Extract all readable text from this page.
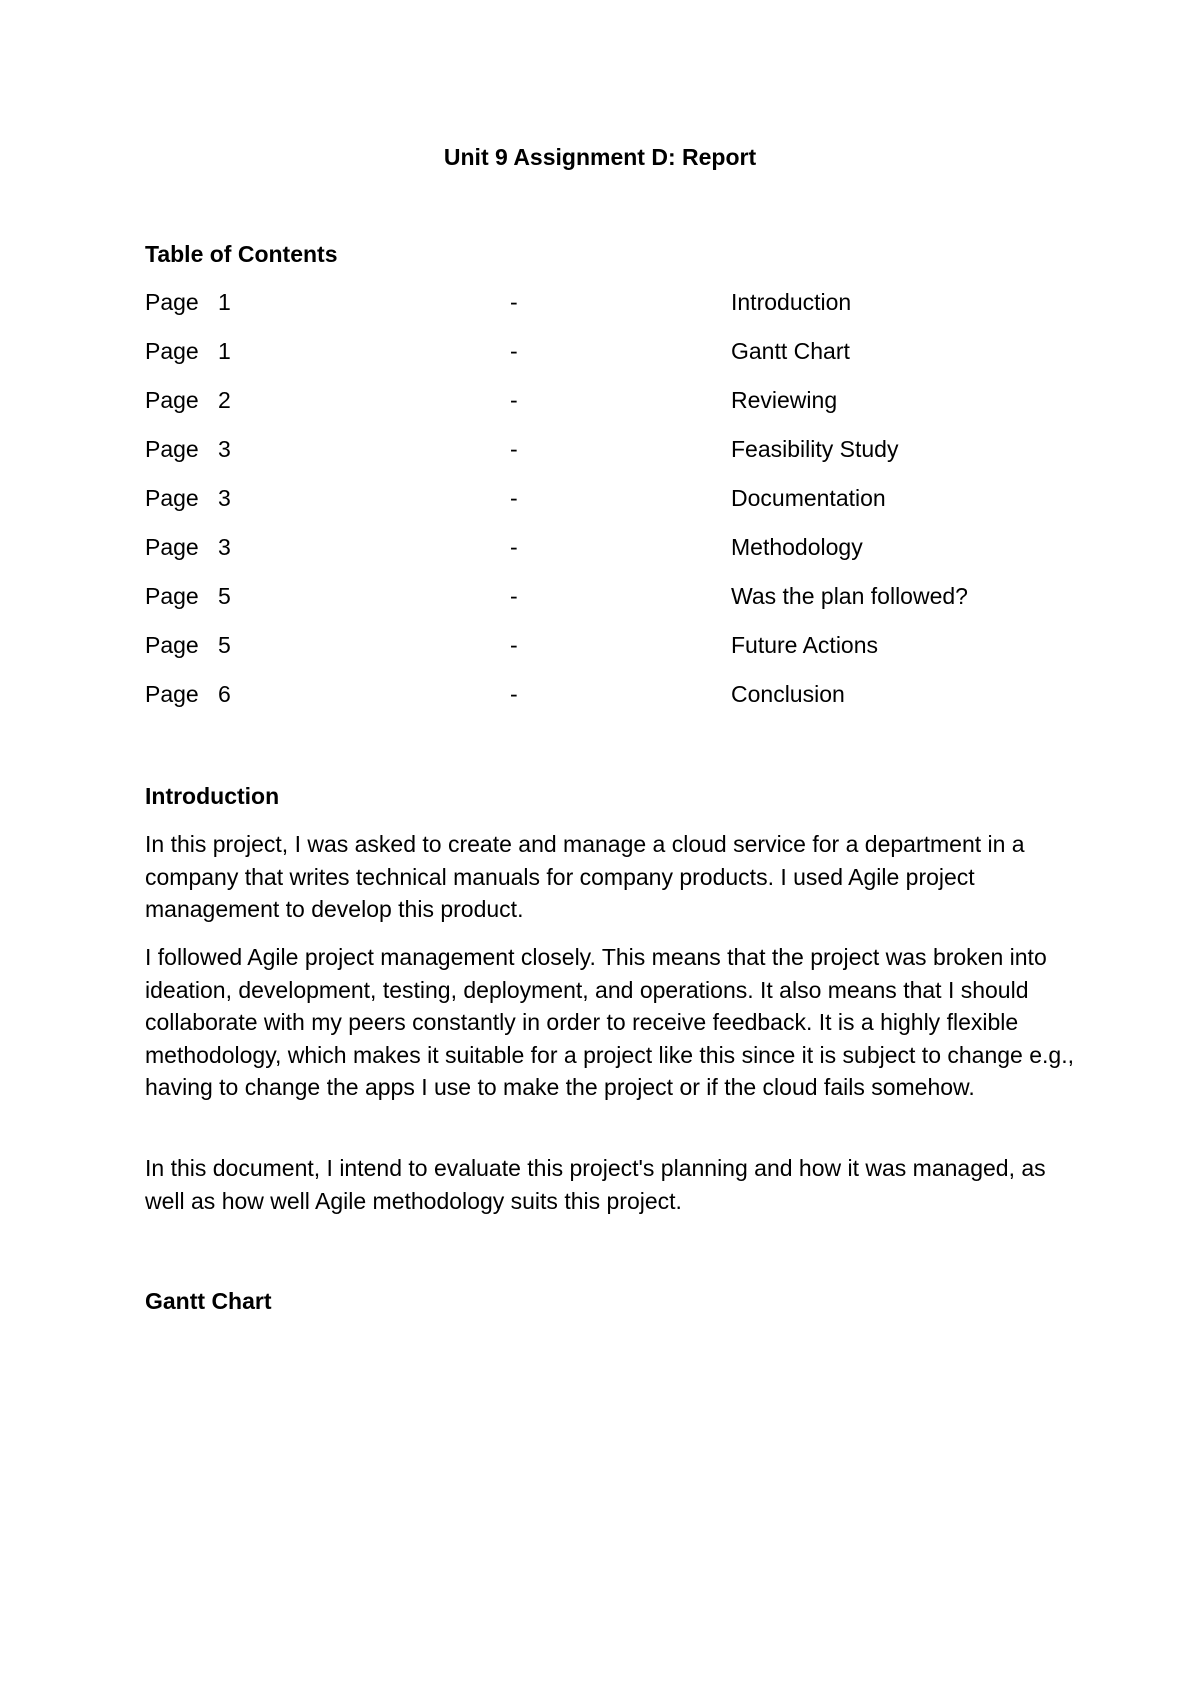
Unit 9 Assignment D: Report
Table of Contents
Page 1	-	Introduction
Page 1	-	Gantt Chart
Page 2	-	Reviewing
Page 3	-	Feasibility Study
Page 3	-	Documentation
Page 3	-	Methodology
Page 5	-	Was the plan followed?
Page 5	-	Future Actions
Page 6	-	Conclusion
Introduction

In this project, I was asked to create and manage a cloud service for a department in a company that writes technical manuals for company products. I used Agile project management to develop this product.

I followed Agile project management closely. This means that the project was broken into ideation, development, testing, deployment, and operations. It also means that I should collaborate with my peers constantly in order to receive feedback. It is a highly flexible methodology, which makes it suitable for a project like this since it is subject to change e.g., having to change the apps I use to make the project or if the cloud fails somehow.

In this document, I intend to evaluate this project's planning and how it was managed, as well as how well Agile methodology suits this project.

Gantt Chart
